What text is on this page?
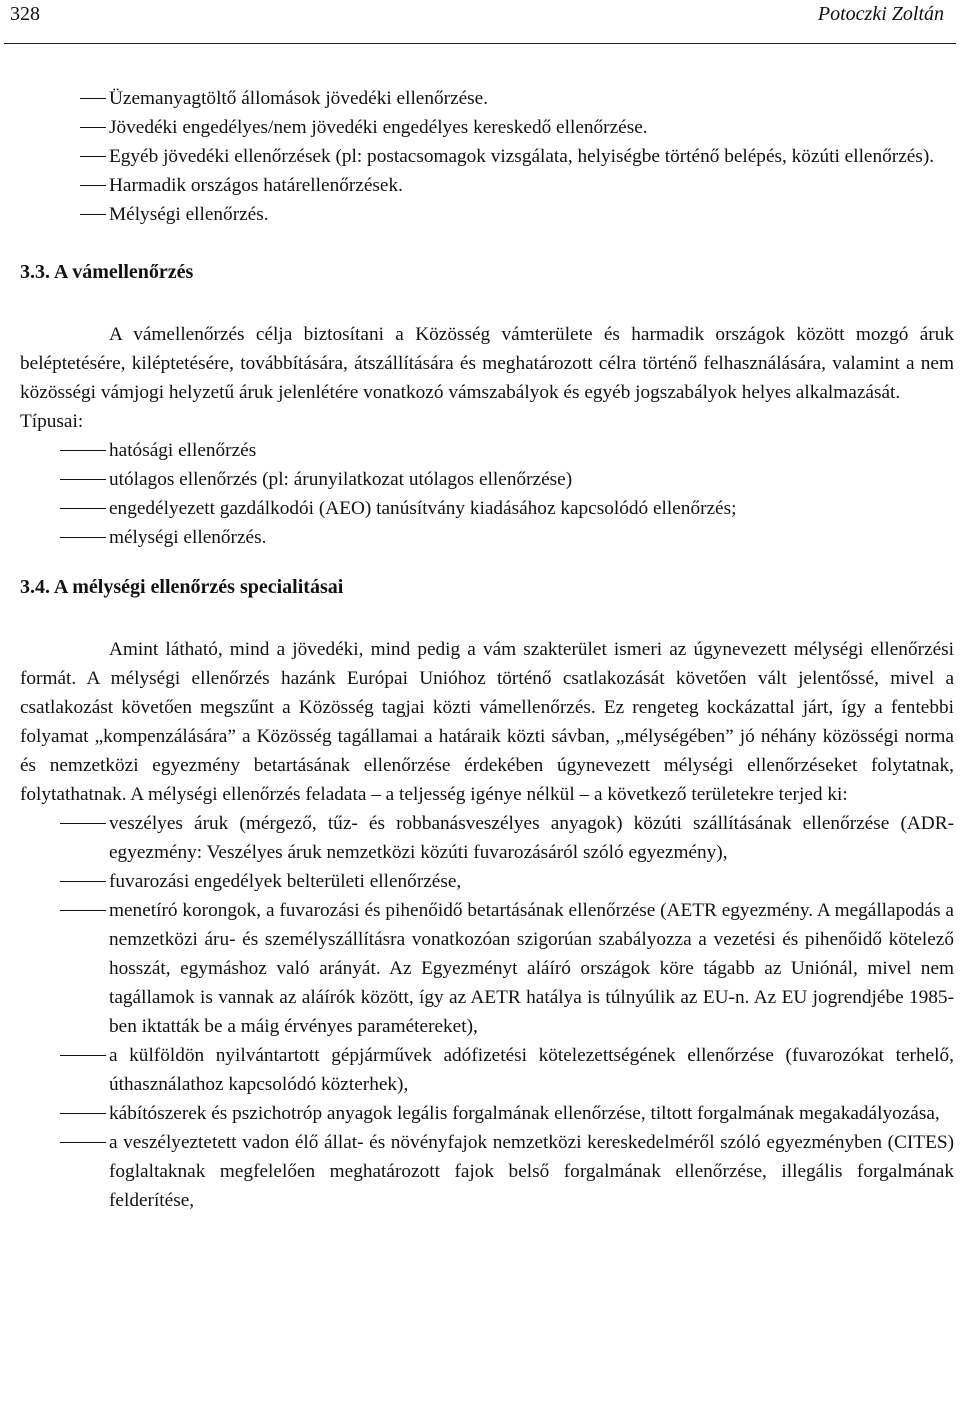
328	Potoczki Zoltán
Üzemanyagtöltő állomások jövedéki ellenőrzése.
Jövedéki engedélyes/nem jövedéki engedélyes kereskedő ellenőrzése.
Egyéb jövedéki ellenőrzések (pl: postacsomagok vizsgálata, helyiségbe történő belépés, közúti ellenőrzés).
Harmadik országos határellenőrzések.
Mélységi ellenőrzés.
3.3. A vámellenőrzés

A vámellenőrzés célja biztosítani a Közösség vámterülete és harmadik országok között mozgó áruk beléptetésére, kiléptetésére, továbbítására, átszállítására és meghatározott célra történő felhasználására, valamint a nem közösségi vámjogi helyzetű áruk jelenlétére vonatkozó vámszabályok és egyéb jogszabályok helyes alkalmazását.

Típusai:

hatósági ellenőrzés
utólagos ellenőrzés (pl: árunyilatkozat utólagos ellenőrzése)
engedélyezett gazdálkodói (AEO) tanúsítvány kiadásához kapcsolódó ellenőrzés;
mélységi ellenőrzés.
3.4. A mélységi ellenőrzés specialitásai

Amint látható, mind a jövedéki, mind pedig a vám szakterület ismeri az úgynevezett mélységi ellenőrzési formát. A mélységi ellenőrzés hazánk Európai Unióhoz történő csatlakozását követően vált jelentőssé, mivel a csatlakozást követően megszűnt a Közösség tagjai közti vámellenőrzés. Ez rengeteg kockázattal járt, így a fentebbi folyamat „kompenzálására” a Közösség tagállamai a határaik közti sávban, „mélységében” jó néhány közösségi norma és nemzetközi egyezmény betartásának ellenőrzése érdekében úgynevezett mélységi ellenőrzéseket folytatnak, folytathatnak. A mélységi ellenőrzés feladata – a teljesség igénye nélkül – a következő területekre terjed ki:

veszélyes áruk (mérgező, tűz- és robbanásveszélyes anyagok) közúti szállításának ellenőrzése (ADR-egyezmény: Veszélyes áruk nemzetközi közúti fuvarozásáról szóló egyezmény),
fuvarozási engedélyek belterületi ellenőrzése,
menetíró korongok, a fuvarozási és pihenőidő betartásának ellenőrzése (AETR egyezmény. A megállapodás a nemzetközi áru- és személyszállításra vonatkozóan szigorúan szabályozza a vezetési és pihenőidő kötelező hosszát, egymáshoz való arányát. Az Egyezményt aláíró országok köre tágabb az Uniónál, mivel nem tagállamok is vannak az aláírók között, így az AETR hatálya is túlnyúlik az EU-n. Az EU jogrendjébe 1985-ben iktatták be a máig érvényes paramétereket),
a külföldön nyilvántartott gépjárművek adófizetési kötelezettségének ellenőrzése (fuvarozókat terhelő, úthasználathoz kapcsolódó közterhek),
kábítószerek és pszichotróp anyagok legális forgalmának ellenőrzése, tiltott forgalmának megakadályozása,
a veszélyeztetett vadon élő állat- és növényfajok nemzetközi kereskedelméről szóló egyezményben (CITES) foglaltaknak megfelelően meghatározott fajok belső forgalmának ellenőrzése, illegális forgalmának felderítése,
